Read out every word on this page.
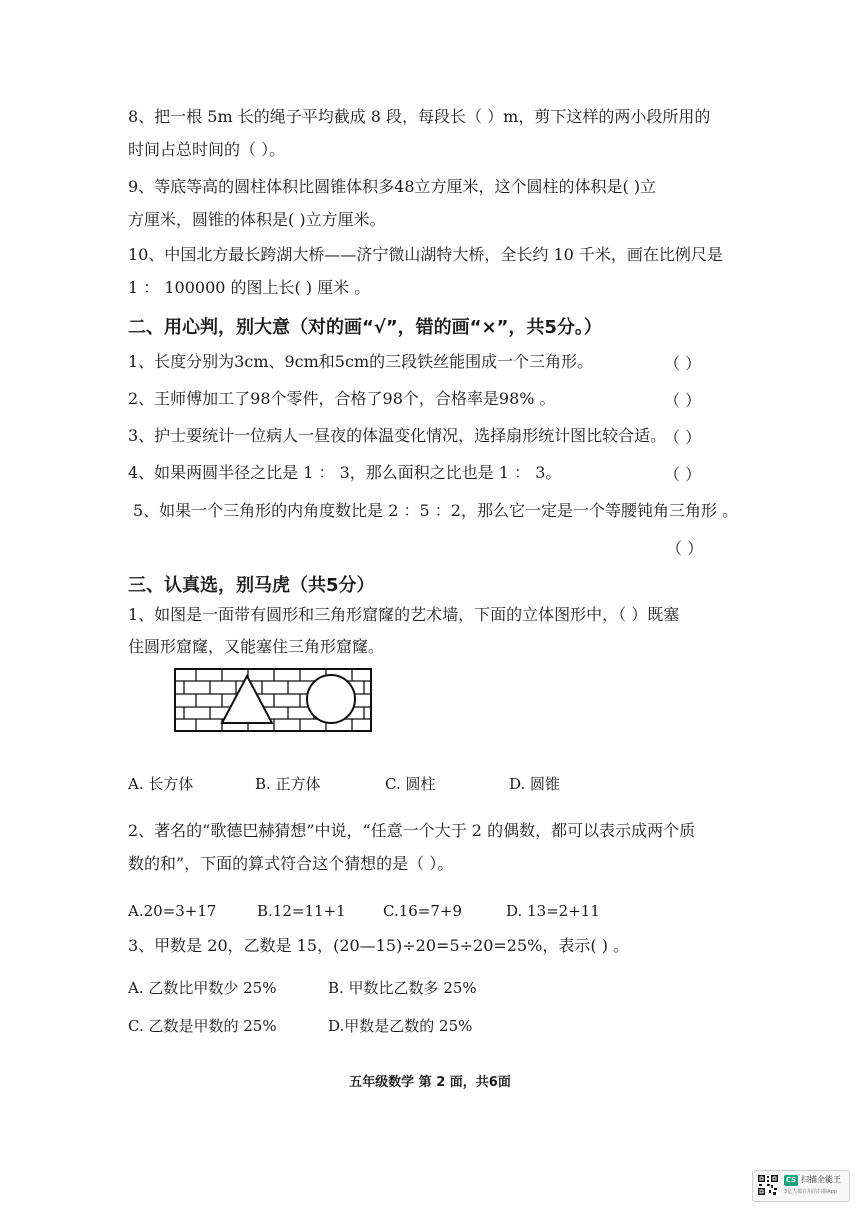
8、把一根 5m 长的绳子平均截成 8 段，每段长（ ）m，剪下这样的两小段所用的
时间占总时间的（ ）。
9、等底等高的圆柱体积比圆锥体积多48立方厘米，这个圆柱的体积是( )立
方厘米，圆锥的体积是( )立方厘米。
10、中国北方最长跨湖大桥——济宁微山湖特大桥，全长约 10 千米，画在比例尺是
1 ： 100000 的图上长( ) 厘米 。
二、用心判，别大意（对的画“√”，错的画“×”，共5分。）
1、长度分别为3cm、9cm和5cm的三段铁丝能围成一个三角形。	（ ）
2、王师傅加工了98个零件，合格了98个，合格率是98% 。	（ ）
3、护士要统计一位病人一昼夜的体温变化情况，选择扇形统计图比较合适。
（ ）
4、如果两圆半径之比是 1 ： 3，那么面积之比也是 1 ： 3。	（ ）
5、如果一个三角形的内角度数比是 2 ：5 ：2，那么它一定是一个等腰钝角三角形 。
（ ）
三、认真选，别马虎（共5分）
1、如图是一面带有圆形和三角形窟窿的艺术墙，下面的立体图形中，（ ）既塞
住圆形窟窿，又能塞住三角形窟窿。
A. 长方体	B. 正方体	C. 圆柱	D. 圆锥
2、著名的“歌德巴赫猜想”中说，“任意一个大于 2 的偶数，都可以表示成两个质
数的和”，下面的算式符合这个猜想的是（ ）。
A.20=3+17	B.12=11+1 C.16=7+9	D. 13=2+11
3、甲数是 20，乙数是 15，(20—15)÷20=5÷20=25%，表示( ) 。
A. 乙数比甲数少 25%	B. 甲数比乙数多 25%
C. 乙数是甲数的 25%	D.甲数是乙数的 25%
五年级数学 第 2 面，共6面
CS 扫描全能王
3亿人都在用的扫描App
